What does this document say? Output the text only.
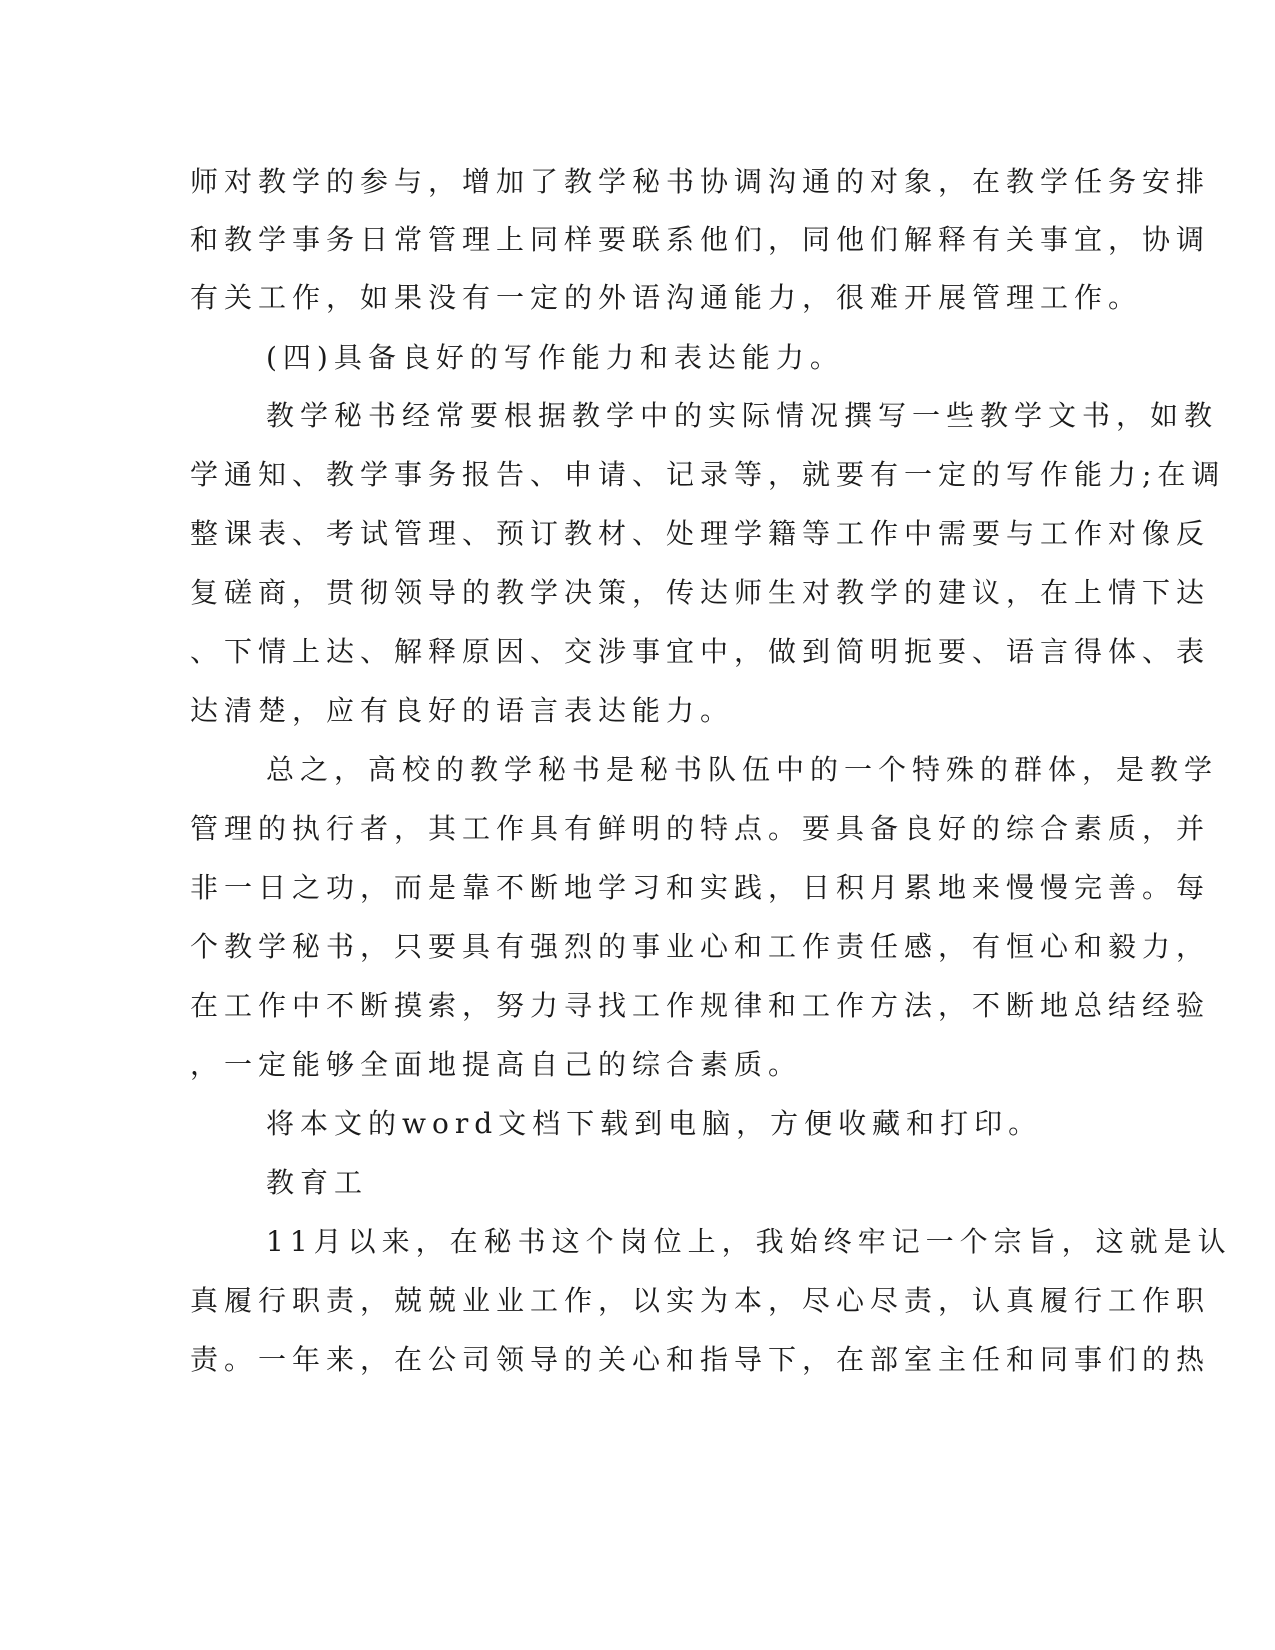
师对教学的参与，增加了教学秘书协调沟通的对象，在教学任务安排
和教学事务日常管理上同样要联系他们，同他们解释有关事宜，协调
有关工作，如果没有一定的外语沟通能力，很难开展管理工作。
(四)具备良好的写作能力和表达能力。
教学秘书经常要根据教学中的实际情况撰写一些教学文书，如教
学通知、教学事务报告、申请、记录等，就要有一定的写作能力;在调
整课表、考试管理、预订教材、处理学籍等工作中需要与工作对像反
复磋商，贯彻领导的教学决策，传达师生对教学的建议，在上情下达
、下情上达、解释原因、交涉事宜中，做到简明扼要、语言得体、表
达清楚，应有良好的语言表达能力。
总之，高校的教学秘书是秘书队伍中的一个特殊的群体，是教学
管理的执行者，其工作具有鲜明的特点。要具备良好的综合素质，并
非一日之功，而是靠不断地学习和实践，日积月累地来慢慢完善。每
个教学秘书，只要具有强烈的事业心和工作责任感，有恒心和毅力，
在工作中不断摸索，努力寻找工作规律和工作方法，不断地总结经验
，一定能够全面地提高自己的综合素质。
将本文的word文档下载到电脑，方便收藏和打印。
教育工
11月以来，在秘书这个岗位上，我始终牢记一个宗旨，这就是认
真履行职责，兢兢业业工作，以实为本，尽心尽责，认真履行工作职
责。一年来，在公司领导的关心和指导下，在部室主任和同事们的热
